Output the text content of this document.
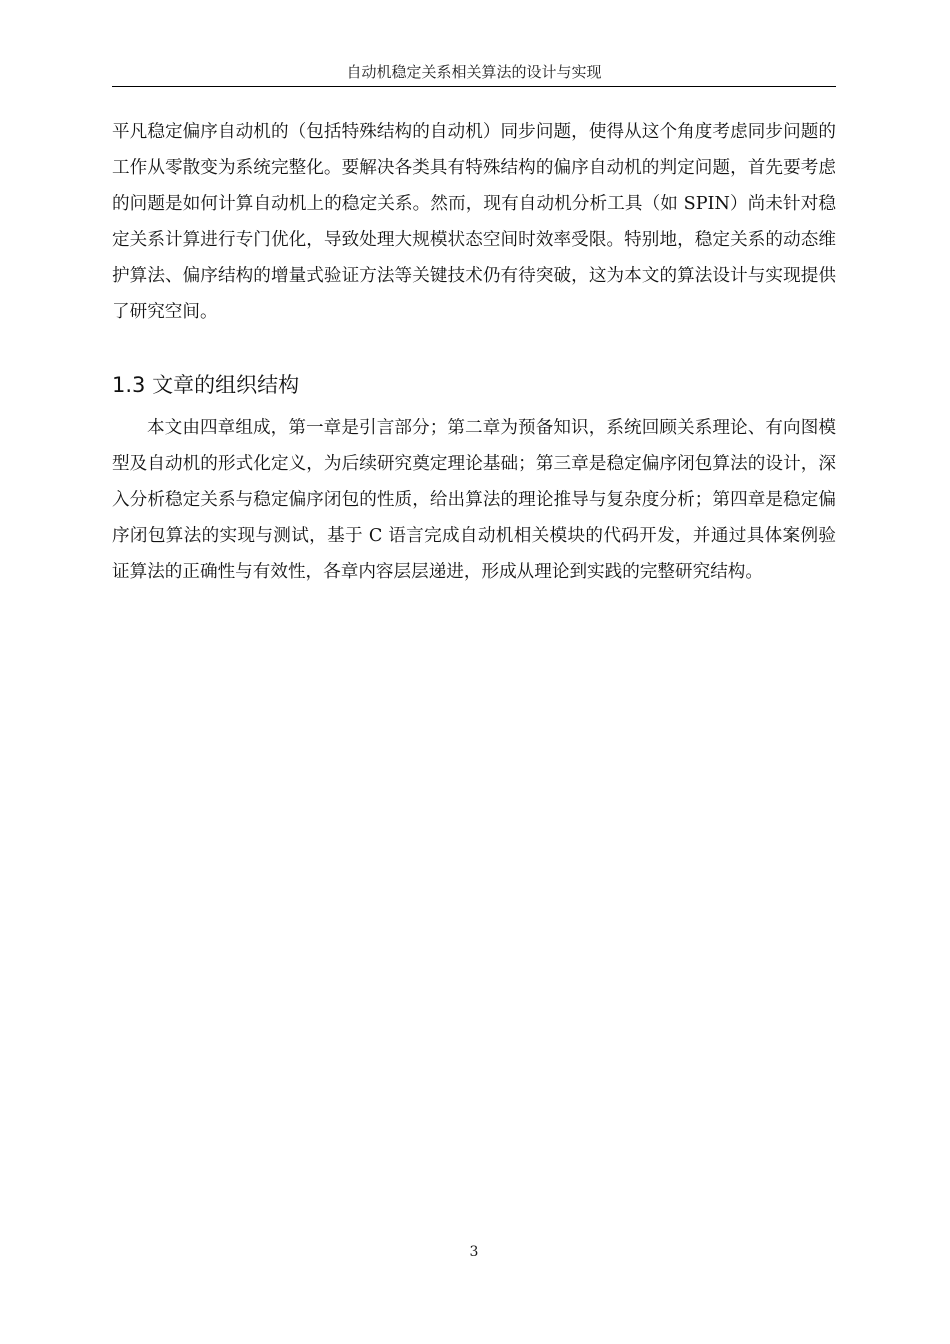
自动机稳定关系相关算法的设计与实现

平凡稳定偏序自动机的（包括特殊结构的自动机）同步问题，使得从这个角度考虑同步问题的工作从零散变为系统完整化。要解决各类具有特殊结构的偏序自动机的判定问题，首先要考虑的问题是如何计算自动机上的稳定关系。然而，现有自动机分析工具（如 SPIN）尚未针对稳定关系计算进行专门优化，导致处理大规模状态空间时效率受限。特别地，稳定关系的动态维护算法、偏序结构的增量式验证方法等关键技术仍有待突破，这为本文的算法设计与实现提供了研究空间。

1.3 文章的组织结构

本文由四章组成，第一章是引言部分；第二章为预备知识，系统回顾关系理论、有向图模型及自动机的形式化定义，为后续研究奠定理论基础；第三章是稳定偏序闭包算法的设计，深入分析稳定关系与稳定偏序闭包的性质，给出算法的理论推导与复杂度分析；第四章是稳定偏序闭包算法的实现与测试，基于 C 语言完成自动机相关模块的代码开发，并通过具体案例验证算法的正确性与有效性，各章内容层层递进，形成从理论到实践的完整研究结构。

3
